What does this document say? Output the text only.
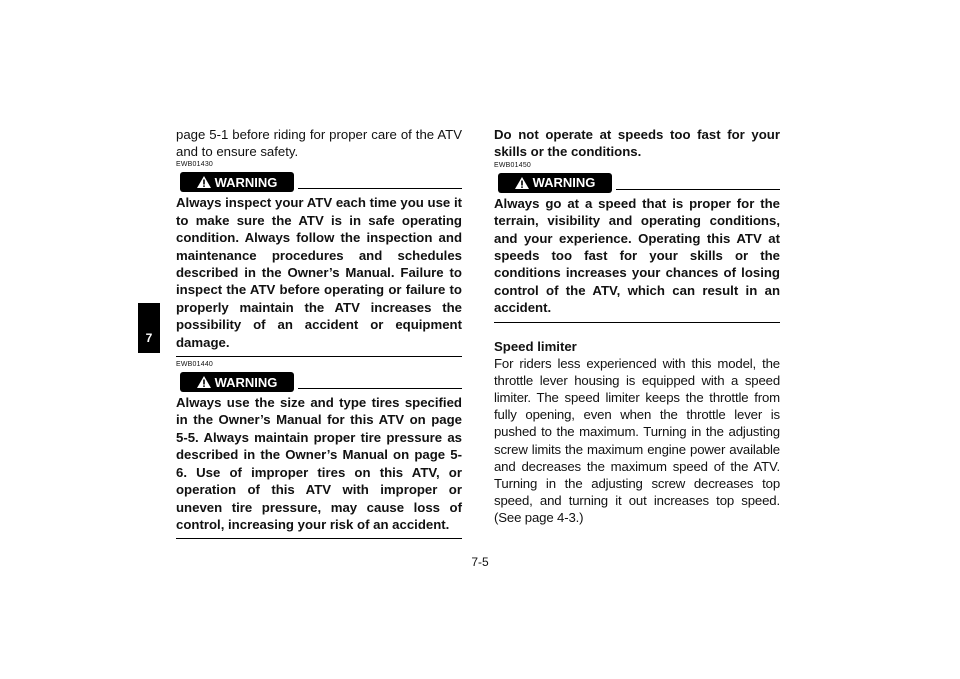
7

page 5-1 before riding for proper care of the ATV and to ensure safety.

EWB01430
WARNING

Always inspect your ATV each time you use it to make sure the ATV is in safe operating condition. Always follow the inspection and maintenance procedures and schedules described in the Owner’s Manual. Failure to inspect the ATV before operating or failure to properly maintain the ATV increases the possibility of an accident or equipment damage.

EWB01440
WARNING

Always use the size and type tires specified in the Owner’s Manual for this ATV on page 5-5. Always maintain proper tire pressure as described in the Owner’s Manual on page 5-6. Use of improper tires on this ATV, or operation of this ATV with improper or uneven tire pressure, may cause loss of control, increasing your risk of an accident.

Do not operate at speeds too fast for your skills or the conditions.

EWB01450
WARNING

Always go at a speed that is proper for the terrain, visibility and operating conditions, and your experience. Operating this ATV at speeds too fast for your skills or the conditions increases your chances of losing control of the ATV, which can result in an accident.

Speed limiter

For riders less experienced with this model, the throttle lever housing is equipped with a speed limiter. The speed limiter keeps the throttle from fully opening, even when the throttle lever is pushed to the maximum. Turning in the adjusting screw limits the maximum engine power available and decreases the maximum speed of the ATV. Turning in the adjusting screw decreases top speed, and turning it out increases top speed. (See page 4-3.)

7-5
